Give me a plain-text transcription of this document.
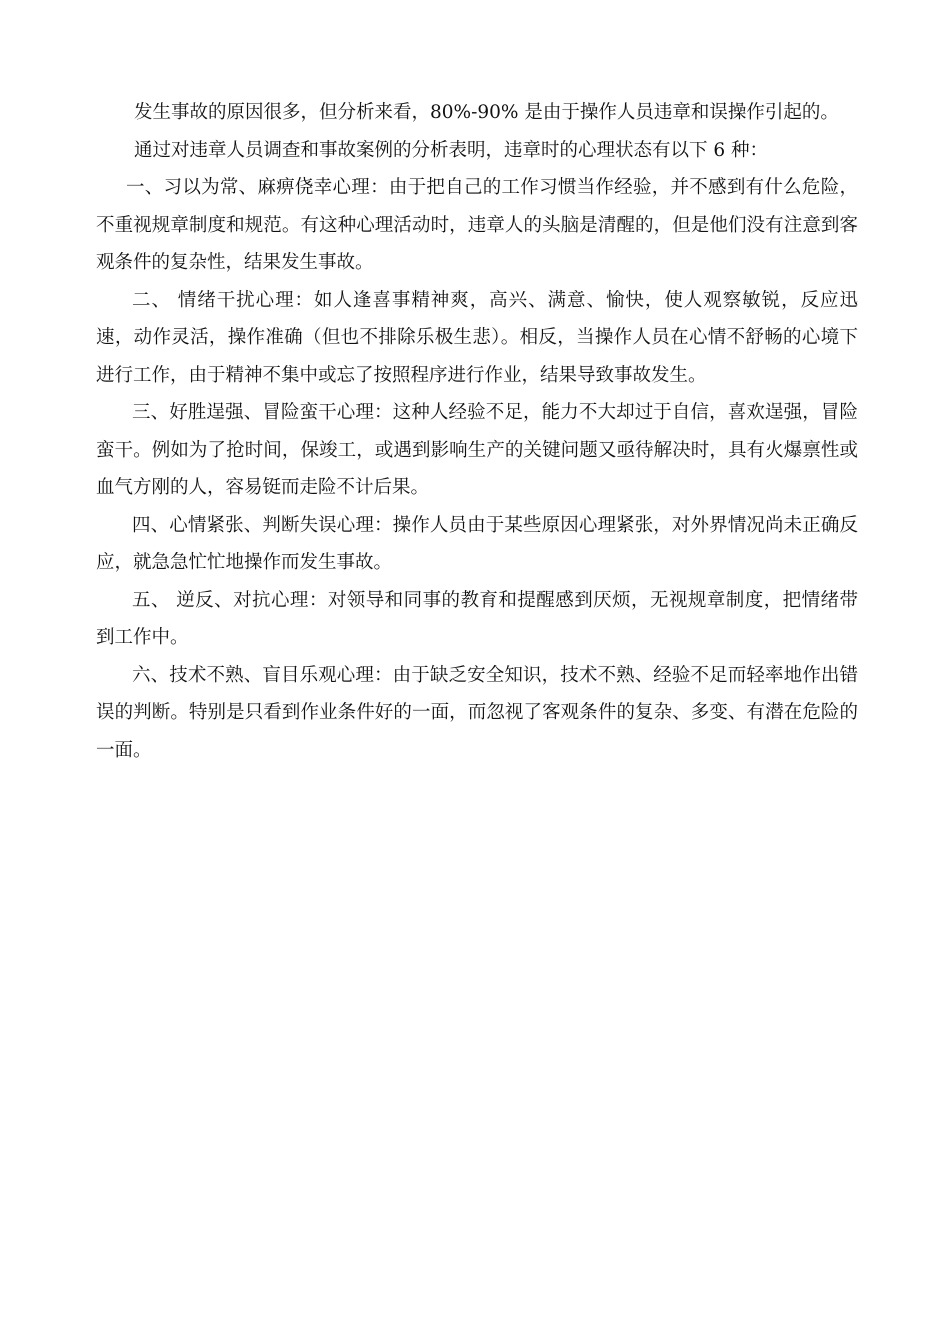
发生事故的原因很多，但分析来看，80%-90% 是由于操作人员违章和误操作引起的。

通过对违章人员调查和事故案例的分析表明，违章时的心理状态有以下 6 种：

一、习以为常、麻痹侥幸心理：由于把自己的工作习惯当作经验，并不感到有什么危险，不重视规章制度和规范。有这种心理活动时，违章人的头脑是清醒的，但是他们没有注意到客观条件的复杂性，结果发生事故。

二、 情绪干扰心理：如人逢喜事精神爽，高兴、满意、愉快，使人观察敏锐，反应迅速，动作灵活，操作准确（但也不排除乐极生悲）。相反，当操作人员在心情不舒畅的心境下进行工作，由于精神不集中或忘了按照程序进行作业，结果导致事故发生。

三、好胜逞强、冒险蛮干心理：这种人经验不足，能力不大却过于自信，喜欢逞强，冒险蛮干。例如为了抢时间，保竣工，或遇到影响生产的关键问题又亟待解决时，具有火爆禀性或血气方刚的人，容易铤而走险不计后果。

四、心情紧张、判断失误心理：操作人员由于某些原因心理紧张，对外界情况尚未正确反应，就急急忙忙地操作而发生事故。

五、 逆反、对抗心理：对领导和同事的教育和提醒感到厌烦，无视规章制度，把情绪带到工作中。

六、技术不熟、盲目乐观心理：由于缺乏安全知识，技术不熟、经验不足而轻率地作出错误的判断。特别是只看到作业条件好的一面，而忽视了客观条件的复杂、多变、有潜在危险的一面。
